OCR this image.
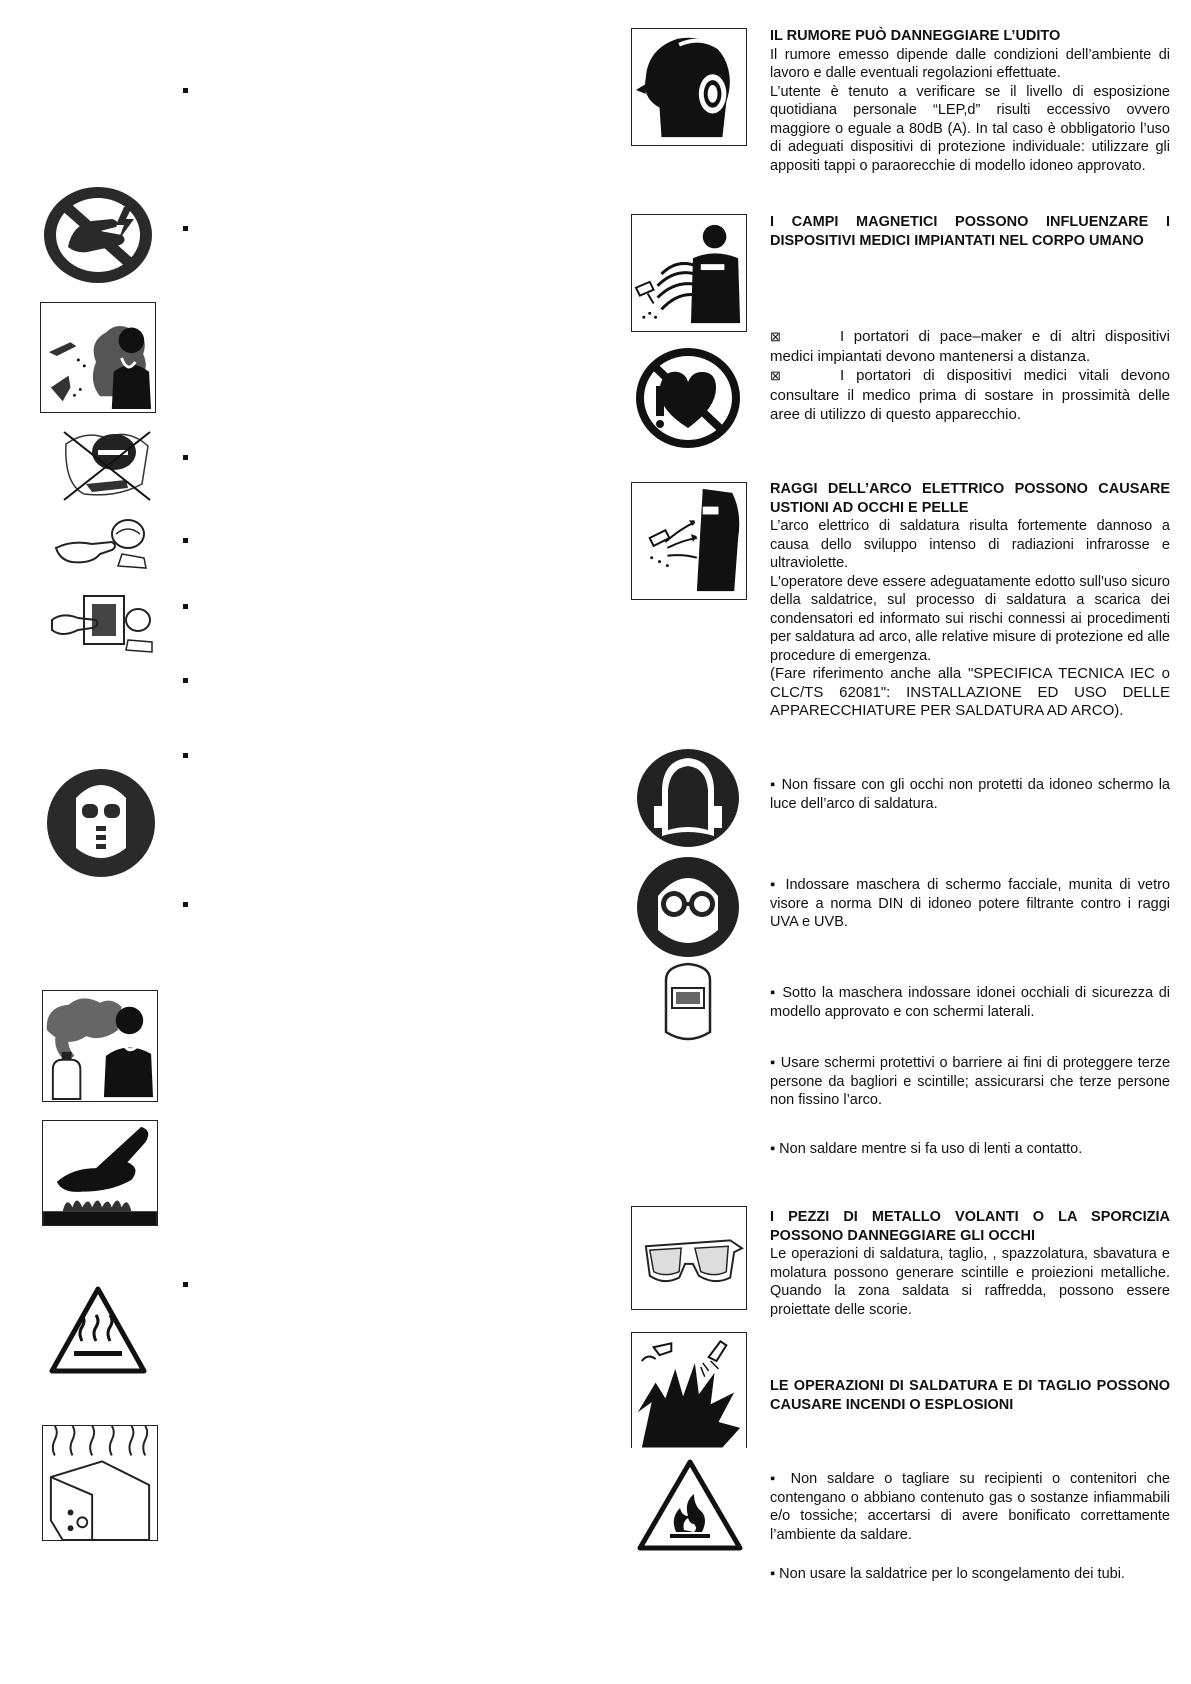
IL RUMORE PUÒ DANNEGGIARE L’UDITO

Il rumore emesso dipende dalle condizioni dell’ambiente di lavoro e dalle eventuali regolazioni effettuate.

L’utente è tenuto a verificare se il livello di esposizione quotidiana personale “LEP,d” risulti eccessivo ovvero maggiore o eguale a 80dB (A). In tal caso è obbligatorio l’uso di adeguati dispositivi di protezione individuale: utilizzare gli appositi tappi o paraorecchie di modello idoneo approvato.

I CAMPI MAGNETICI POSSONO INFLUENZARE I DISPOSITIVI MEDICI IMPIANTATI NEL CORPO UMANO

⊠	I portatori di pace–maker e di altri dispositivi medici impiantati devono mantenersi a distanza.

⊠	I portatori di dispositivi medici vitali devono consultare il medico prima di sostare in prossimità delle aree di utilizzo di questo apparecchio.

RAGGI DELL’ARCO ELETTRICO POSSONO CAUSARE USTIONI AD OCCHI E PELLE

L’arco elettrico di saldatura risulta fortemente dannoso a causa dello sviluppo intenso di radiazioni infrarosse e ultraviolette.

L'operatore deve essere adeguatamente edotto sull'uso sicuro della saldatrice, sul processo di saldatura a scarica dei condensatori ed informato sui rischi connessi ai procedimenti per saldatura ad arco, alle relative misure di protezione ed alle procedure di emergenza.

(Fare riferimento anche alla "SPECIFICA TECNICA IEC o CLC/TS 62081": INSTALLAZIONE ED USO DELLE APPARECCHIATURE PER SALDATURA AD ARCO).

▪ Non fissare con gli occhi non protetti da idoneo schermo la luce dell’arco di saldatura.

▪ Indossare maschera di schermo facciale, munita di vetro visore a norma DIN di idoneo potere filtrante contro i raggi UVA e UVB.

▪ Sotto la maschera indossare idonei occhiali di sicurezza di modello approvato e con schermi laterali.

▪ Usare schermi protettivi o barriere ai fini di proteggere terze persone da bagliori e scintille; assicurarsi che terze persone non fissino l’arco.

▪ Non saldare mentre si fa uso di lenti a contatto.

I PEZZI DI METALLO VOLANTI O LA SPORCIZIA POSSONO DANNEGGIARE GLI OCCHI

Le operazioni di saldatura, taglio, , spazzolatura, sbavatura e molatura possono generare scintille e proiezioni metalliche. Quando la zona saldata si raffredda, possono essere proiettate delle scorie.

LE OPERAZIONI DI SALDATURA E DI TAGLIO POSSONO CAUSARE INCENDI O ESPLOSIONI

▪ Non saldare o tagliare su recipienti o contenitori che contengano o abbiano contenuto gas o sostanze infiammabili e/o tossiche; accertarsi di avere bonificato correttamente l’ambiente da saldare.

▪ Non usare la saldatrice per lo scongelamento dei tubi.
